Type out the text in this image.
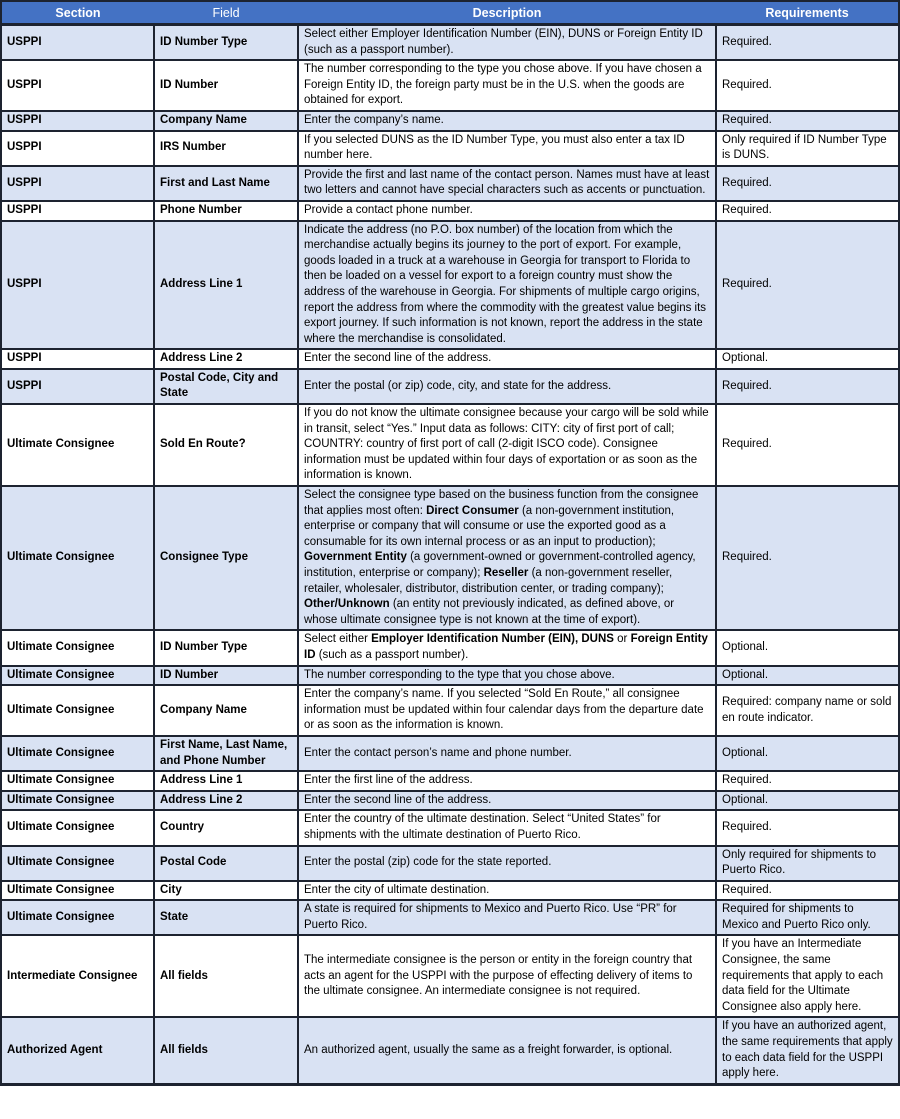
Section	Field	Description	Requirements
USPPI	ID Number Type	Select either Employer Identification Number (EIN), DUNS or Foreign Entity ID (such as a passport number).	Required.
USPPI	ID Number	The number corresponding to the type you chose above. If you have chosen a Foreign Entity ID, the foreign party must be in the U.S. when the goods are obtained for export.	Required.
USPPI	Company Name	Enter the company’s name.	Required.
USPPI	IRS Number	If you selected DUNS as the ID Number Type, you must also enter a tax ID number here.	Only required if ID Number Type is DUNS.
USPPI	First and Last Name	Provide the first and last name of the contact person. Names must have at least two letters and cannot have special characters such as accents or punctuation.	Required.
USPPI	Phone Number	Provide a contact phone number.	Required.
USPPI	Address Line 1	Indicate the address (no P.O. box number) of the location from which the merchandise actually begins its journey to the port of export. For example, goods loaded in a truck at a warehouse in Georgia for transport to Florida to then be loaded on a vessel for export to a foreign country must show the address of the warehouse in Georgia. For shipments of multiple cargo origins, report the address from where the commodity with the greatest value begins its export journey. If such information is not known, report the address in the state where the merchandise is consolidated.	Required.
USPPI	Address Line 2	Enter the second line of the address.	Optional.
USPPI	Postal Code, City and State	Enter the postal (or zip) code, city, and state for the address.	Required.
Ultimate Consignee	Sold En Route?	If you do not know the ultimate consignee because your cargo will be sold while in transit, select “Yes.” Input data as follows: CITY: city of first port of call; COUNTRY: country of first port of call (2-digit ISCO code). Consignee information must be updated within four days of exportation or as soon as the information is known.	Required.
Ultimate Consignee	Consignee Type	Select the consignee type based on the business function from the consignee that applies most often: Direct Consumer (a non-government institution, enterprise or company that will consume or use the exported good as a consumable for its own internal process or as an input to production); Government Entity (a government-owned or government-controlled agency, institution, enterprise or company); Reseller (a non-government reseller, retailer, wholesaler, distributor, distribution center, or trading company); Other/Unknown (an entity not previously indicated, as defined above, or whose ultimate consignee type is not known at the time of export).	Required.
Ultimate Consignee	ID Number Type	Select either Employer Identification Number (EIN), DUNS or Foreign Entity ID (such as a passport number).	Optional.
Ultimate Consignee	ID Number	The number corresponding to the type that you chose above.	Optional.
Ultimate Consignee	Company Name	Enter the company’s name. If you selected “Sold En Route,” all consignee information must be updated within four calendar days from the departure date or as soon as the information is known.	Required: company name or sold en route indicator.
Ultimate Consignee	First Name, Last Name, and Phone Number	Enter the contact person’s name and phone number.	Optional.
Ultimate Consignee	Address Line 1	Enter the first line of the address.	Required.
Ultimate Consignee	Address Line 2	Enter the second line of the address.	Optional.
Ultimate Consignee	Country	Enter the country of the ultimate destination. Select “United States” for shipments with the ultimate destination of Puerto Rico.	Required.
Ultimate Consignee	Postal Code	Enter the postal (zip) code for the state reported.	Only required for shipments to Puerto Rico.
Ultimate Consignee	City	Enter the city of ultimate destination.	Required.
Ultimate Consignee	State	A state is required for shipments to Mexico and Puerto Rico. Use “PR” for Puerto Rico.	Required for shipments to Mexico and Puerto Rico only.
Intermediate Consignee	All fields	The intermediate consignee is the person or entity in the foreign country that acts an agent for the USPPI with the purpose of effecting delivery of items to the ultimate consignee. An intermediate consignee is not required.	If you have an Intermediate Consignee, the same requirements that apply to each data field for the Ultimate Consignee also apply here.
Authorized Agent	All fields	An authorized agent, usually the same as a freight forwarder, is optional.	If you have an authorized agent, the same requirements that apply to each data field for the USPPI apply here.
